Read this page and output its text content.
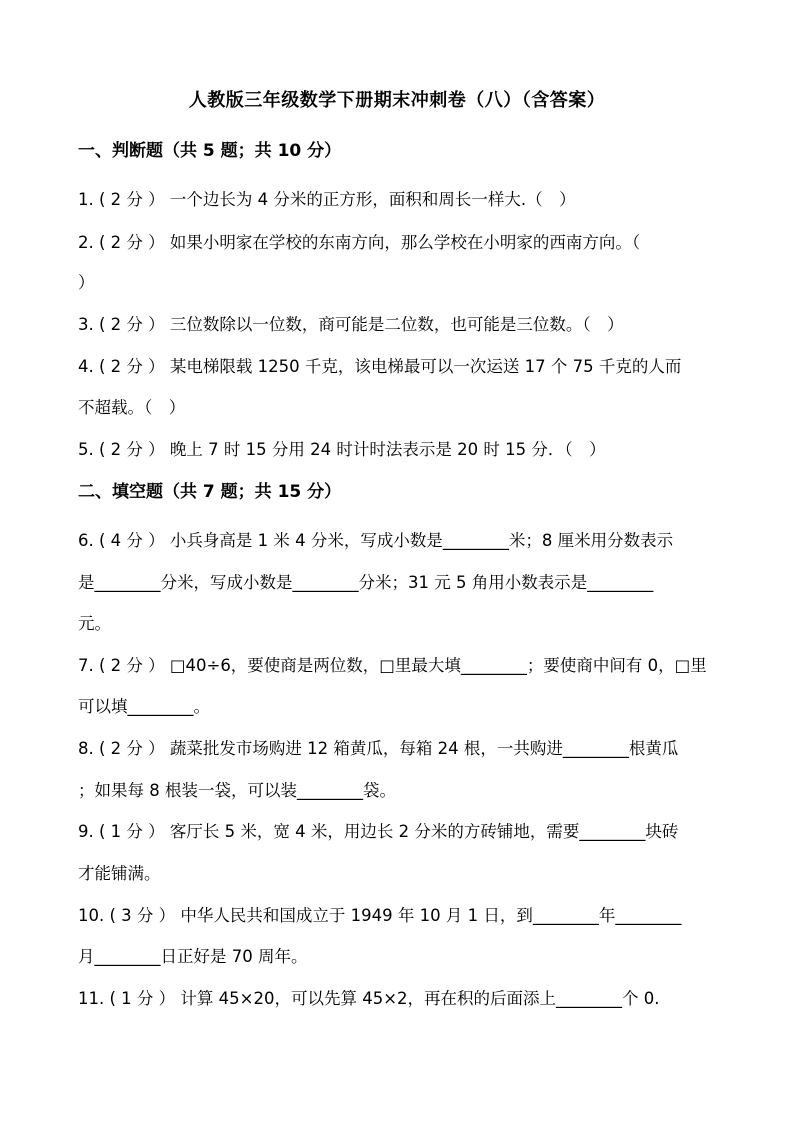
人教版三年级数学下册期末冲刺卷（八）（含答案）
一、判断题（共 5 题；共 10 分）
1. ( 2 分 ） 一个边长为 4 分米的正方形，面积和周长一样大.（　）
2. ( 2 分 ） 如果小明家在学校的东南方向，那么学校在小明家的西南方向。（
）
3. ( 2 分 ） 三位数除以一位数，商可能是二位数，也可能是三位数。（　）
4. ( 2 分 ） 某电梯限载 1250 千克，该电梯最可以一次运送 17 个 75 千克的人而
不超载。（　）
5. ( 2 分 ） 晚上 7 时 15 分用 24 时计时法表示是 20 时 15 分．（　）
二、填空题（共 7 题；共 15 分）
6. ( 4 分 ） 小兵身高是 1 米 4 分米，写成小数是________米；8 厘米用分数表示
是________分米，写成小数是________分米；31 元 5 角用小数表示是________
元。
7. ( 2 分 ） □40÷6，要使商是两位数，□里最大填________；要使商中间有 0，□里
可以填________。
8. ( 2 分 ） 蔬菜批发市场购进 12 箱黄瓜，每箱 24 根，一共购进________根黄瓜
；如果每 8 根装一袋，可以装________袋。
9. ( 1 分 ） 客厅长 5 米，宽 4 米，用边长 2 分米的方砖铺地，需要________块砖
才能铺满。
10. ( 3 分 ） 中华人民共和国成立于 1949 年 10 月 1 日，到________年________
月________日正好是 70 周年。
11. ( 1 分 ） 计算 45×20，可以先算 45×2，再在积的后面添上________个 0.
